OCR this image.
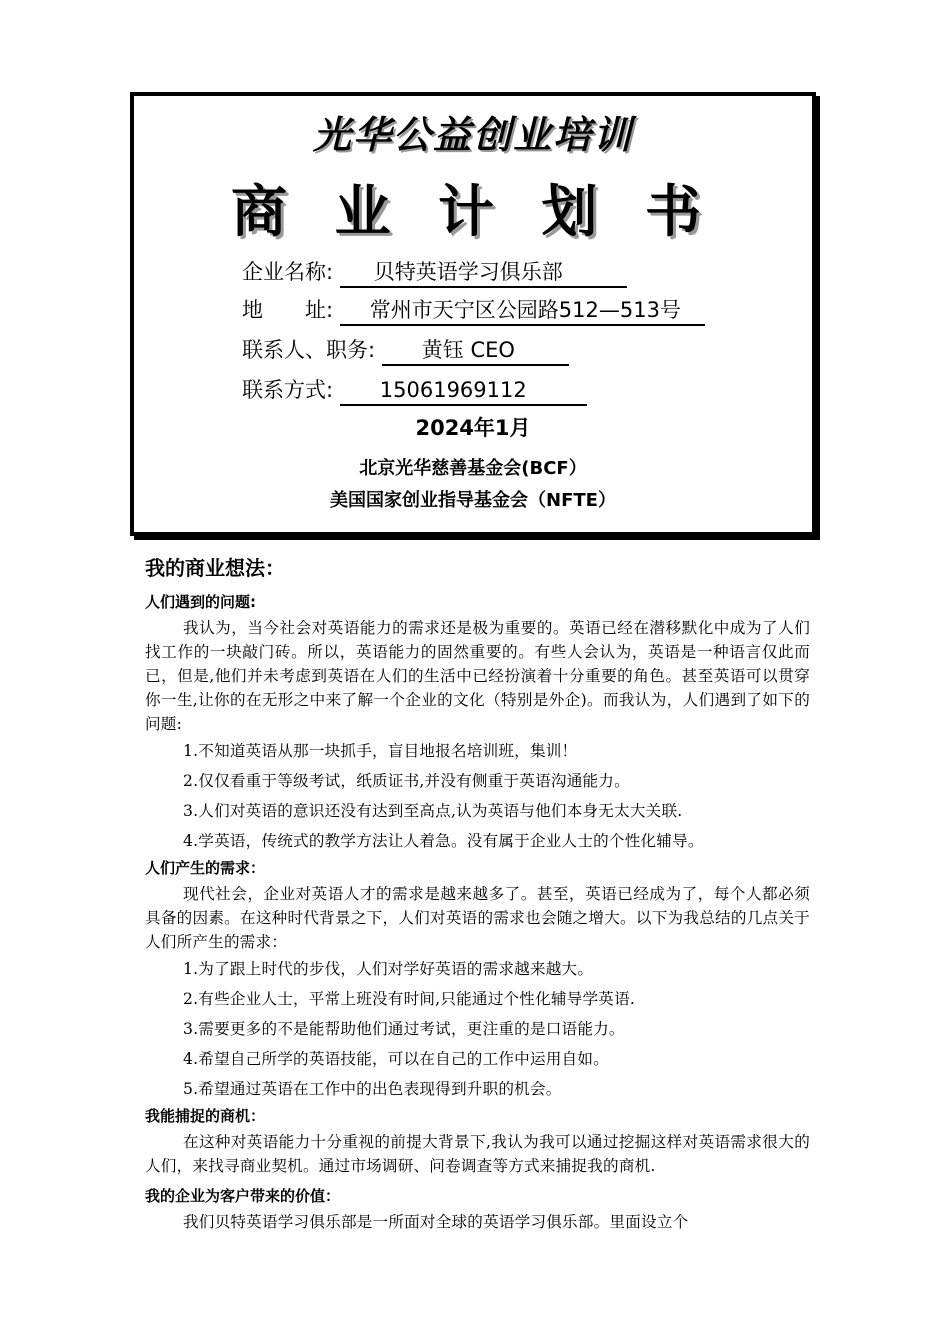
光华公益创业培训
商 业 计 划 书
企业名称: 贝特英语学习俱乐部
地　　址: 常州市天宁区公园路512—513号
联系人、职务: 黄钰 CEO
联系方式: 15061969112
2024年1月
北京光华慈善基金会(BCF）
美国国家创业指导基金会（NFTE）
我的商业想法：
人们遇到的问题:

我认为，当今社会对英语能力的需求还是极为重要的。英语已经在潜移默化中成为了人们找工作的一块敲门砖。所以，英语能力的固然重要的。有些人会认为，英语是一种语言仅此而已，但是,他们并未考虑到英语在人们的生活中已经扮演着十分重要的角色。甚至英语可以贯穿你一生,让你的在无形之中来了解一个企业的文化（特别是外企)。而我认为，人们遇到了如下的问题:

1.不知道英语从那一块抓手，盲目地报名培训班，集训！
2.仅仅看重于等级考试，纸质证书,并没有侧重于英语沟通能力。
3.人们对英语的意识还没有达到至高点,认为英语与他们本身无太大关联.
4.学英语，传统式的教学方法让人着急。没有属于企业人士的个性化辅导。
人们产生的需求：

现代社会，企业对英语人才的需求是越来越多了。甚至，英语已经成为了，每个人都必须具备的因素。在这种时代背景之下，人们对英语的需求也会随之增大。以下为我总结的几点关于人们所产生的需求：

1.为了跟上时代的步伐，人们对学好英语的需求越来越大。
2.有些企业人士，平常上班没有时间,只能通过个性化辅导学英语.
3.需要更多的不是能帮助他们通过考试，更注重的是口语能力。
4.希望自己所学的英语技能，可以在自己的工作中运用自如。
5.希望通过英语在工作中的出色表现得到升职的机会。
我能捕捉的商机：

在这种对英语能力十分重视的前提大背景下,我认为我可以通过挖掘这样对英语需求很大的人们，来找寻商业契机。通过市场调研、问卷调查等方式来捕捉我的商机.

我的企业为客户带来的价值：

我们贝特英语学习俱乐部是一所面对全球的英语学习俱乐部。里面设立个
